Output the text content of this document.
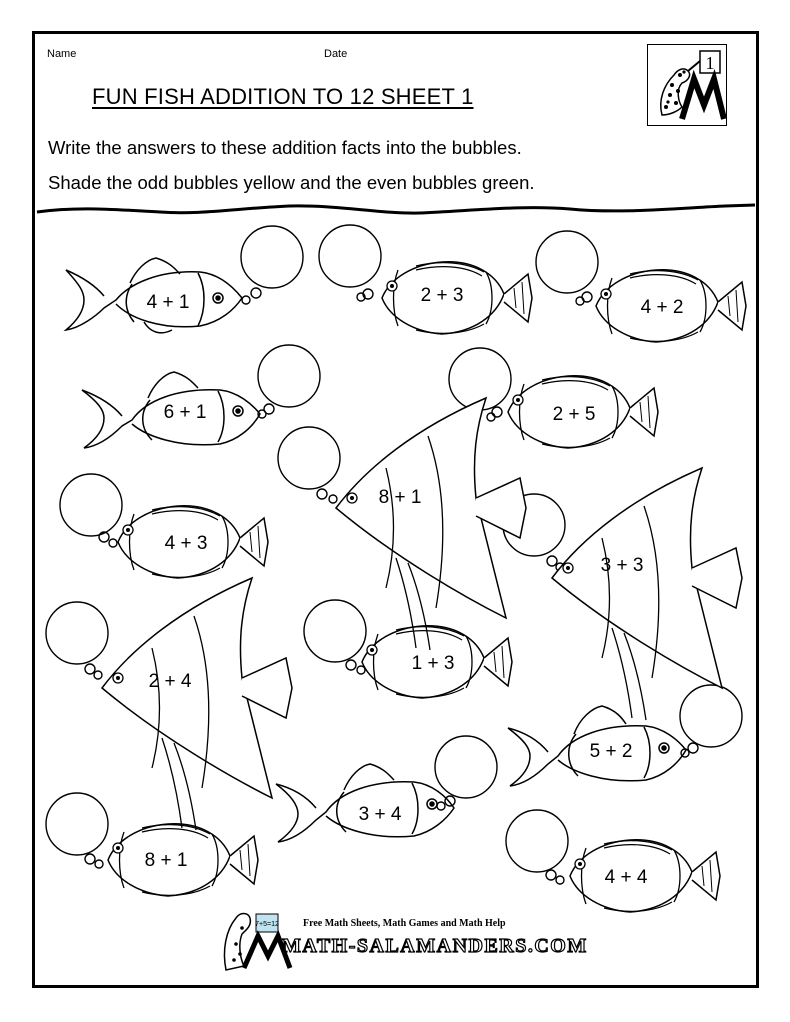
Name	Date
FUN FISH ADDITION TO 12 SHEET 1
Write the answers to these addition facts into the bubbles.
Shade the odd bubbles yellow and the even bubbles green.
1
4 + 1	2 + 3
4 + 2
6 + 1	2 + 5
8 + 1
4 + 3
3 + 3
2 + 4
1 + 3
5 + 2
3 + 4
8 + 1
4 + 4
7+5=12 Free Math Sheets, Math Games and Math Help
MATH-SALAMANDERS.COM
